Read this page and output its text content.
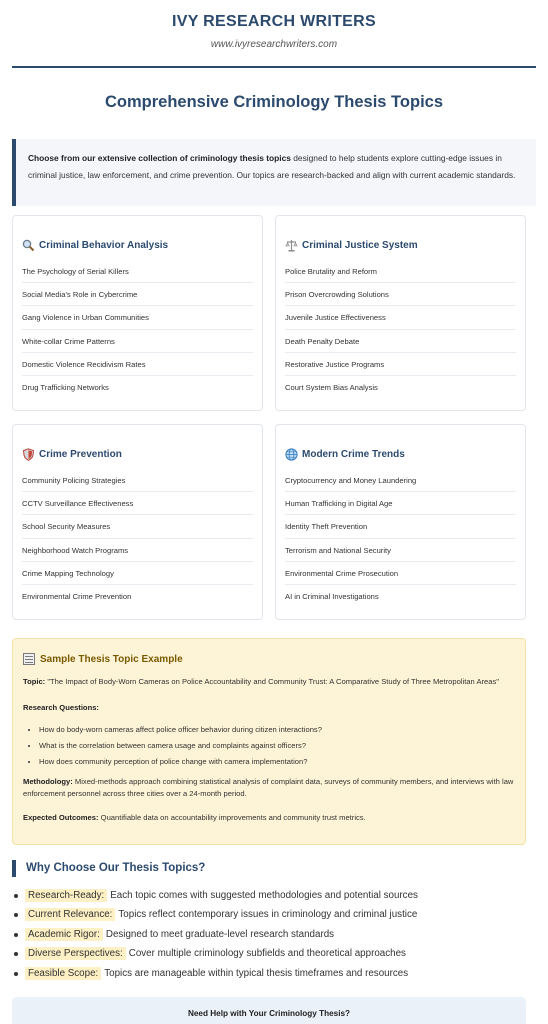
IVY RESEARCH WRITERS
www.ivyresearchwriters.com
Comprehensive Criminology Thesis Topics
Choose from our extensive collection of criminology thesis topics designed to help students explore cutting-edge issues in criminal justice, law enforcement, and crime prevention. Our topics are research-backed and align with current academic standards.
Criminal Behavior Analysis
The Psychology of Serial Killers
Social Media's Role in Cybercrime
Gang Violence in Urban Communities
White-collar Crime Patterns
Domestic Violence Recidivism Rates
Drug Trafficking Networks
Criminal Justice System
Police Brutality and Reform
Prison Overcrowding Solutions
Juvenile Justice Effectiveness
Death Penalty Debate
Restorative Justice Programs
Court System Bias Analysis
Crime Prevention
Community Policing Strategies
CCTV Surveillance Effectiveness
School Security Measures
Neighborhood Watch Programs
Crime Mapping Technology
Environmental Crime Prevention
Modern Crime Trends
Cryptocurrency and Money Laundering
Human Trafficking in Digital Age
Identity Theft Prevention
Terrorism and National Security
Environmental Crime Prosecution
AI in Criminal Investigations
Sample Thesis Topic Example

Topic: "The Impact of Body-Worn Cameras on Police Accountability and Community Trust: A Comparative Study of Three Metropolitan Areas"

Research Questions:

• How do body-worn cameras affect police officer behavior during citizen interactions?
• What is the correlation between camera usage and complaints against officers?
• How does community perception of police change with camera implementation?

Methodology: Mixed-methods approach combining statistical analysis of complaint data, surveys of community members, and interviews with law enforcement personnel across three cities over a 24-month period.

Expected Outcomes: Quantifiable data on accountability improvements and community trust metrics.

Why Choose Our Thesis Topics?
Research-Ready: Each topic comes with suggested methodologies and potential sources
Current Relevance: Topics reflect contemporary issues in criminology and criminal justice
Academic Rigor: Designed to meet graduate-level research standards
Diverse Perspectives: Cover multiple criminology subfields and theoretical approaches
Feasible Scope: Topics are manageable within typical thesis timeframes and resources
Need Help with Your Criminology Thesis?
